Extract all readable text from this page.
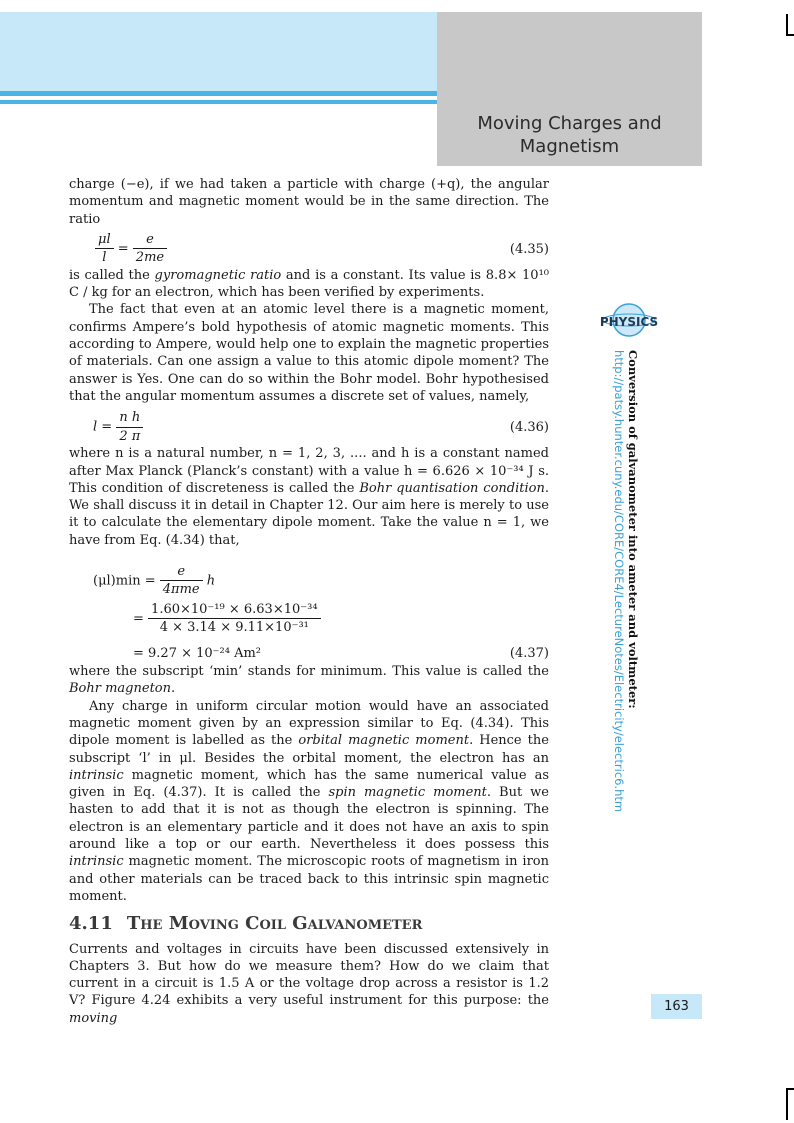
Moving Charges and Magnetism

charge (−e), if we had taken a particle with charge (+q), the angular momentum and magnetic moment would be in the same direction. The ratio

$\frac{\mu l}{l} = \frac{e}{2me}$	(4.35)

is called the gyromagnetic ratio and is a constant. Its value is 8.8× 10¹⁰ C / kg for an electron, which has been verified by experiments.

The fact that even at an atomic level there is a magnetic moment, confirms Ampere’s bold hypothesis of atomic magnetic moments. This according to Ampere, would help one to explain the magnetic properties of materials. Can one assign a value to this atomic dipole moment? The answer is Yes. One can do so within the Bohr model. Bohr hypothesised that the angular momentum assumes a discrete set of values, namely,

$l = \frac{\text{n h}}{2 \pi}$	(4.36)

where n is a natural number, n = 1, 2, 3, .... and h is a constant named after Max Planck (Planck’s constant) with a value h = 6.626 × 10⁻³⁴ J s. This condition of discreteness is called the Bohr quantisation condition. We shall discuss it in detail in Chapter 12. Our aim here is merely to use it to calculate the elementary dipole moment. Take the value n = 1, we have from Eq. (4.34) that,

$(\mu l)\min = \frac{e}{\text{4πme}}$ h
= $\frac{\text{1.60×10⁻¹⁹ × 6.63×10⁻³⁴}}{\text{4 × 3.14 × 9.11×10⁻³¹}}$
= 9.27 × 10⁻²⁴ Am²	(4.37)

where the subscript ‘min’ stands for minimum. This value is called the Bohr magneton.

Any charge in uniform circular motion would have an associated magnetic moment given by an expression similar to Eq. (4.34). This dipole moment is labelled as the orbital magnetic moment. Hence the subscript ‘l’ in μl. Besides the orbital moment, the electron has an intrinsic magnetic moment, which has the same numerical value as given in Eq. (4.37). It is called the spin magnetic moment. But we hasten to add that it is not as though the electron is spinning. The electron is an elementary particle and it does not have an axis to spin around like a top or our earth. Nevertheless it does possess this intrinsic magnetic moment. The microscopic roots of magnetism in iron and other materials can be traced back to this intrinsic spin magnetic moment.

4.11 The Moving Coil Galvanometer

Currents and voltages in circuits have been discussed extensively in Chapters 3. But how do we measure them? How do we claim that current in a circuit is 1.5 A or the voltage drop across a resistor is 1.2 V? Figure 4.24 exhibits a very useful instrument for this purpose: the moving

PHYSICS
Conversion of galvanometer into ameter and voltmeter:
http://patsy.hunter.cuny.edu/CORE/CORE4/LectureNotes/Electricity/electric6.htm
163
